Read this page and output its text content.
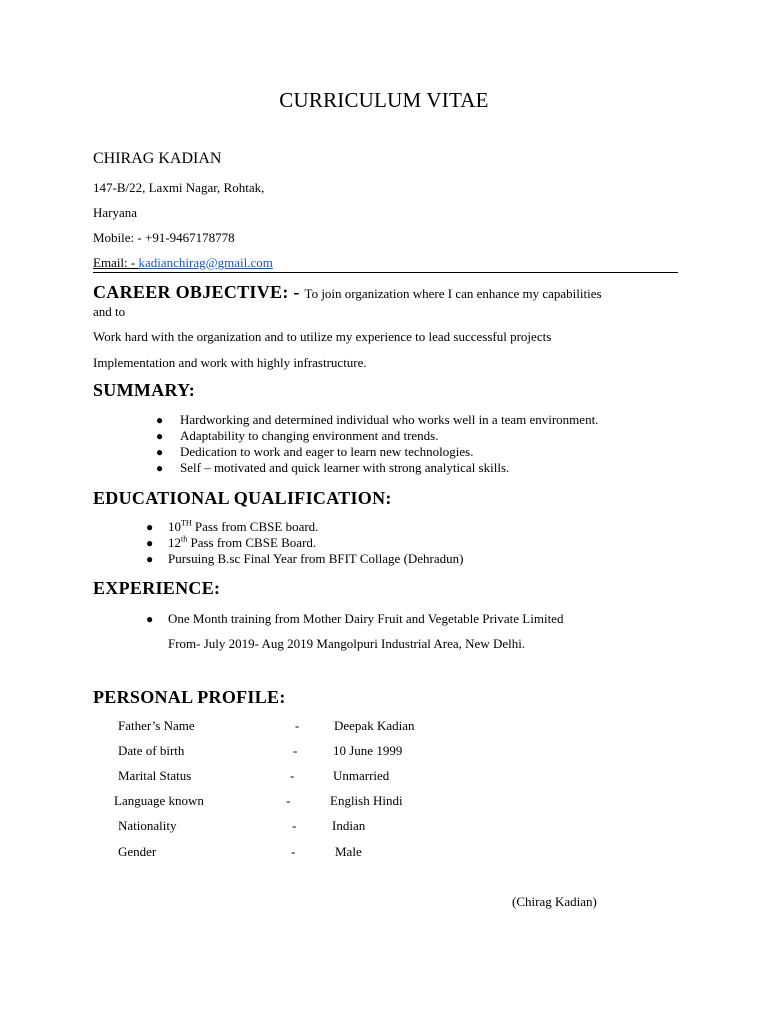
CURRICULUM VITAE
CHIRAG KADIAN
147-B/22, Laxmi Nagar, Rohtak,
Haryana
Mobile: - +91-9467178778
Email: - kadianchirag@gmail.com
CAREER OBJECTIVE: - To join organization where I can enhance my capabilities
and to
Work hard with the organization and to utilize my experience to lead successful projects
Implementation and work with highly infrastructure.
SUMMARY:
● Hardworking and determined individual who works well in a team environment.
● Adaptability to changing environment and trends.
● Dedication to work and eager to learn new technologies.
● Self – motivated and quick learner with strong analytical skills.
EDUCATIONAL QUALIFICATION:
● 10TH Pass from CBSE board.
● 12th Pass from CBSE Board.
● Pursuing B.sc Final Year from BFIT Collage (Dehradun)
EXPERIENCE:
● One Month training from Mother Dairy Fruit and Vegetable Private Limited
From- July 2019- Aug 2019 Mangolpuri Industrial Area, New Delhi.
PERSONAL PROFILE:
Father’s Name	-	Deepak Kadian
Date of birth	-	10 June 1999
Marital Status	-	Unmarried
Language known	-	English Hindi
Nationality	-	Indian
Gender	-	Male
(Chirag Kadian)
